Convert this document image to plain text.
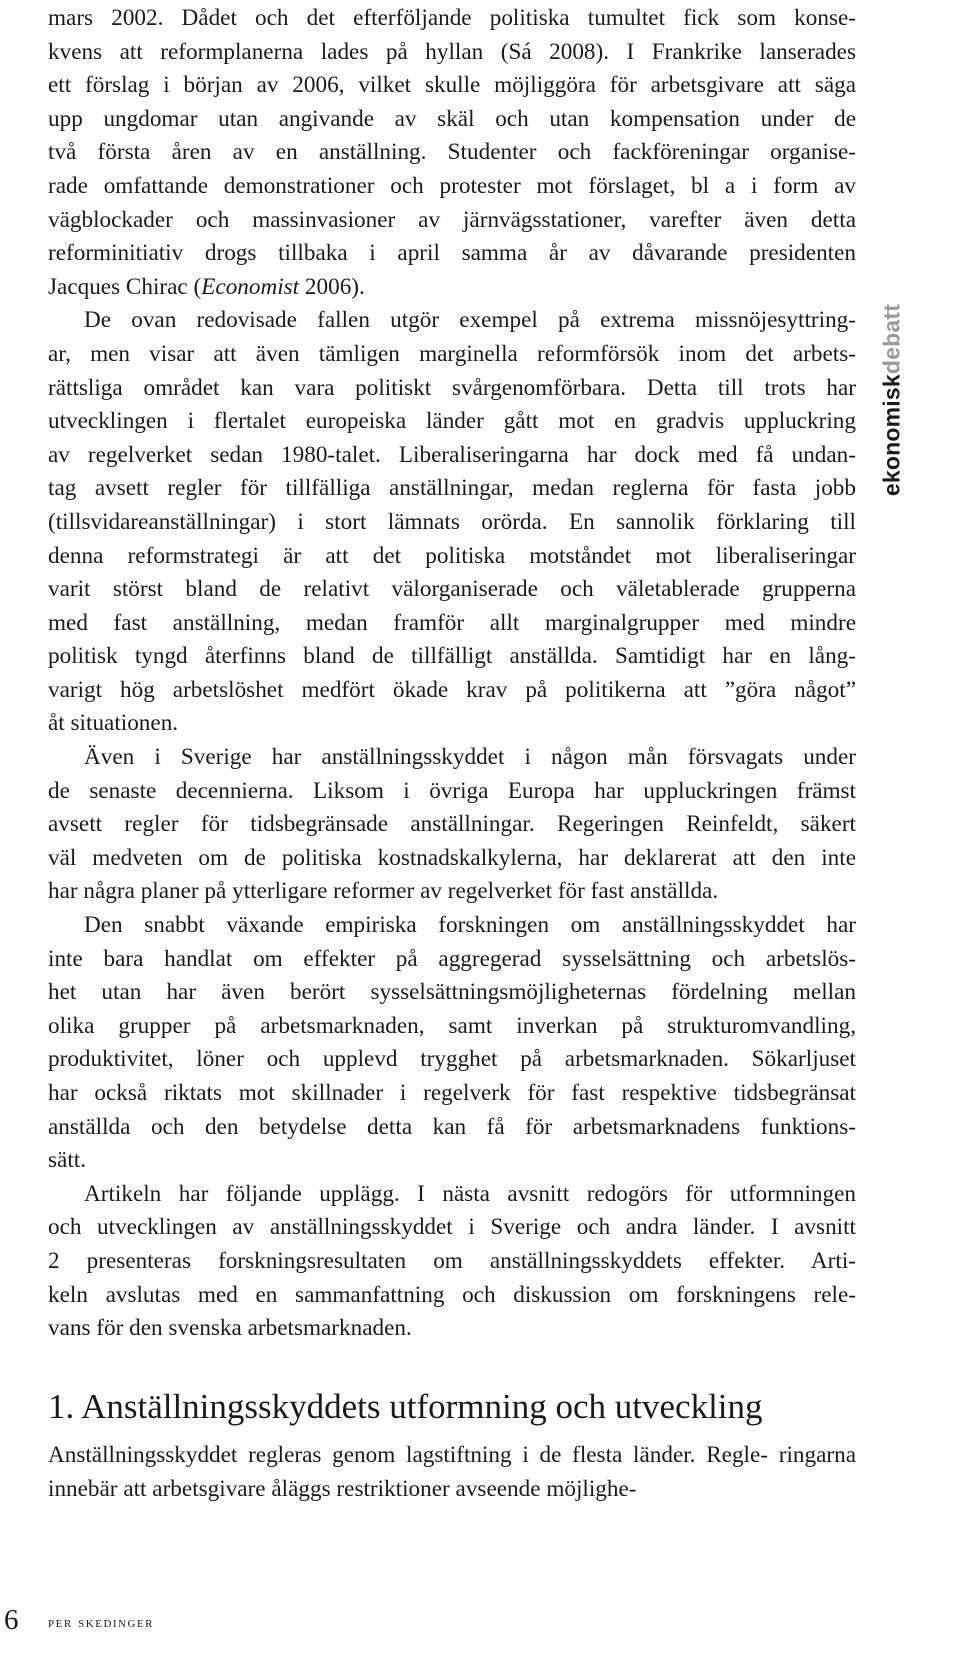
mars 2002. Dådet och det efterföljande politiska tumultet fick som konse-
kvens att reformplanerna lades på hyllan (Sá 2008). I Frankrike lanserades
ett förslag i början av 2006, vilket skulle möjliggöra för arbetsgivare att säga
upp ungdomar utan angivande av skäl och utan kompensation under de
två första åren av en anställning. Studenter och fackföreningar organise-
rade omfattande demonstrationer och protester mot förslaget, bl a i form av
vägblockader och massinvasioner av järnvägsstationer, varefter även detta
reforminitiativ drogs tillbaka i april samma år av dåvarande presidenten
Jacques Chirac (Economist 2006).

De ovan redovisade fallen utgör exempel på extrema missnöjesyttring-
ar, men visar att även tämligen marginella reformförsök inom det arbets-
rättsliga området kan vara politiskt svårgenomförbara. Detta till trots har
utvecklingen i flertalet europeiska länder gått mot en gradvis uppluckring
av regelverket sedan 1980-talet. Liberaliseringarna har dock med få undan-
tag avsett regler för tillfälliga anställningar, medan reglerna för fasta jobb
(tillsvidareanställningar) i stort lämnats orörda. En sannolik förklaring till
denna reformstrategi är att det politiska motståndet mot liberaliseringar
varit störst bland de relativt välorganiserade och väletablerade grupperna
med fast anställning, medan framför allt marginalgrupper med mindre
politisk tyngd återfinns bland de tillfälligt anställda. Samtidigt har en lång-
varigt hög arbetslöshet medfört ökade krav på politikerna att ”göra något”
åt situationen.

Även i Sverige har anställningsskyddet i någon mån försvagats under
de senaste decennierna. Liksom i övriga Europa har uppluckringen främst
avsett regler för tidsbegränsade anställningar. Regeringen Reinfeldt, säkert
väl medveten om de politiska kostnadskalkylerna, har deklarerat att den inte
har några planer på ytterligare reformer av regelverket för fast anställda.

Den snabbt växande empiriska forskningen om anställningsskyddet har
inte bara handlat om effekter på aggregerad sysselsättning och arbetslös-
het utan har även berört sysselsättningsmöjligheternas fördelning mellan
olika grupper på arbetsmarknaden, samt inverkan på strukturomvandling,
produktivitet, löner och upplevd trygghet på arbetsmarknaden. Sökarljuset
har också riktats mot skillnader i regelverk för fast respektive tidsbegränsat
anställda och den betydelse detta kan få för arbetsmarknadens funktions-
sätt.

Artikeln har följande upplägg. I nästa avsnitt redogörs för utformningen
och utvecklingen av anställningsskyddet i Sverige och andra länder. I avsnitt
2 presenteras forskningsresultaten om anställningsskyddets effekter. Arti-
keln avslutas med en sammanfattning och diskussion om forskningens rele-
vans för den svenska arbetsmarknaden.

1. Anställningsskyddets utformning och utveckling

Anställningsskyddet regleras genom lagstiftning i de flesta länder. Regle- ringarna innebär att arbetsgivare åläggs restriktioner avseende möjlighe-

ekonomiskdebatt
6 per skedinger
